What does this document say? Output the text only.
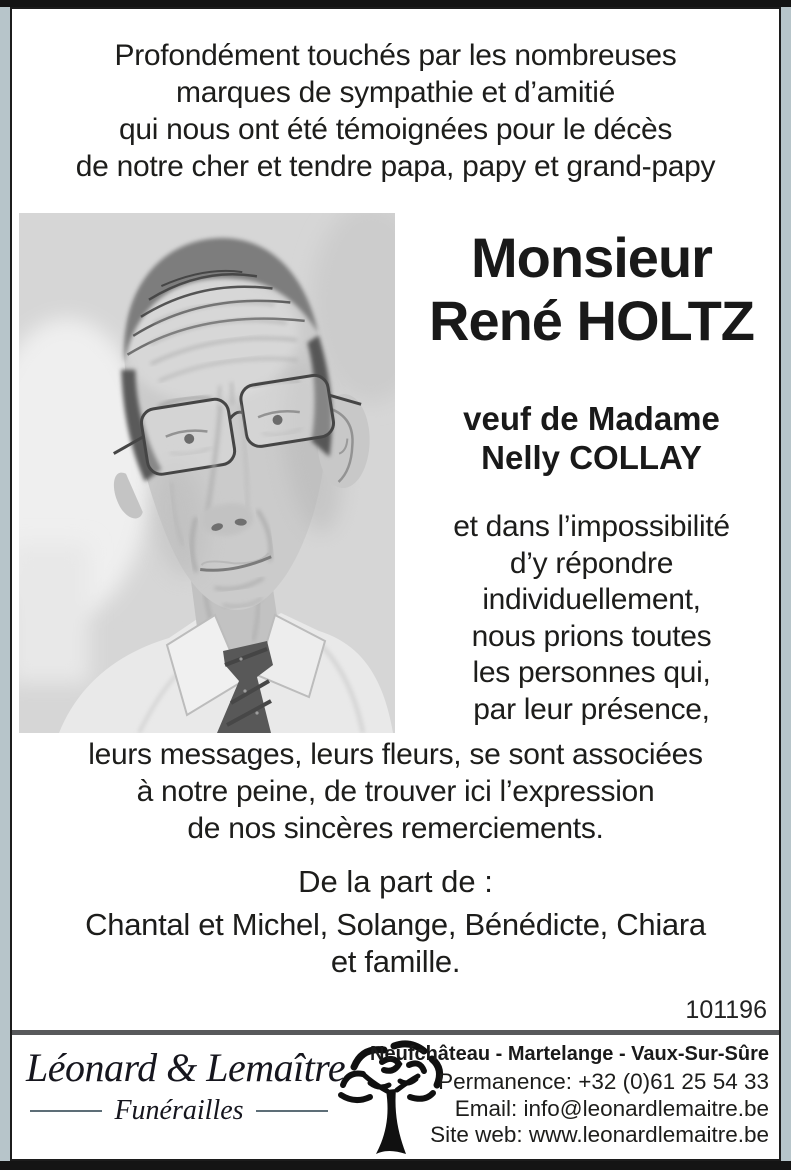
Profondément touchés par les nombreuses
marques de sympathie et d’amitié
qui nous ont été témoignées pour le décès
de notre cher et tendre papa, papy et grand-papy
Monsieur
René HOLTZ
veuf de Madame
Nelly COLLAY
et dans l’impossibilité
d’y répondre
individuellement,
nous prions toutes
les personnes qui,
par leur présence,
leurs messages, leurs fleurs, se sont associées
à notre peine, de trouver ici l’expression
de nos sincères remerciements.
De la part de :
Chantal et Michel, Solange, Bénédicte, Chiara
et famille.
101196
Léonard & Lemaître
Funérailles
Neufchâteau - Martelange - Vaux-Sur-Sûre
Permanence: +32 (0)61 25 54 33
Email: info@leonardlemaitre.be
Site web: www.leonardlemaitre.be
